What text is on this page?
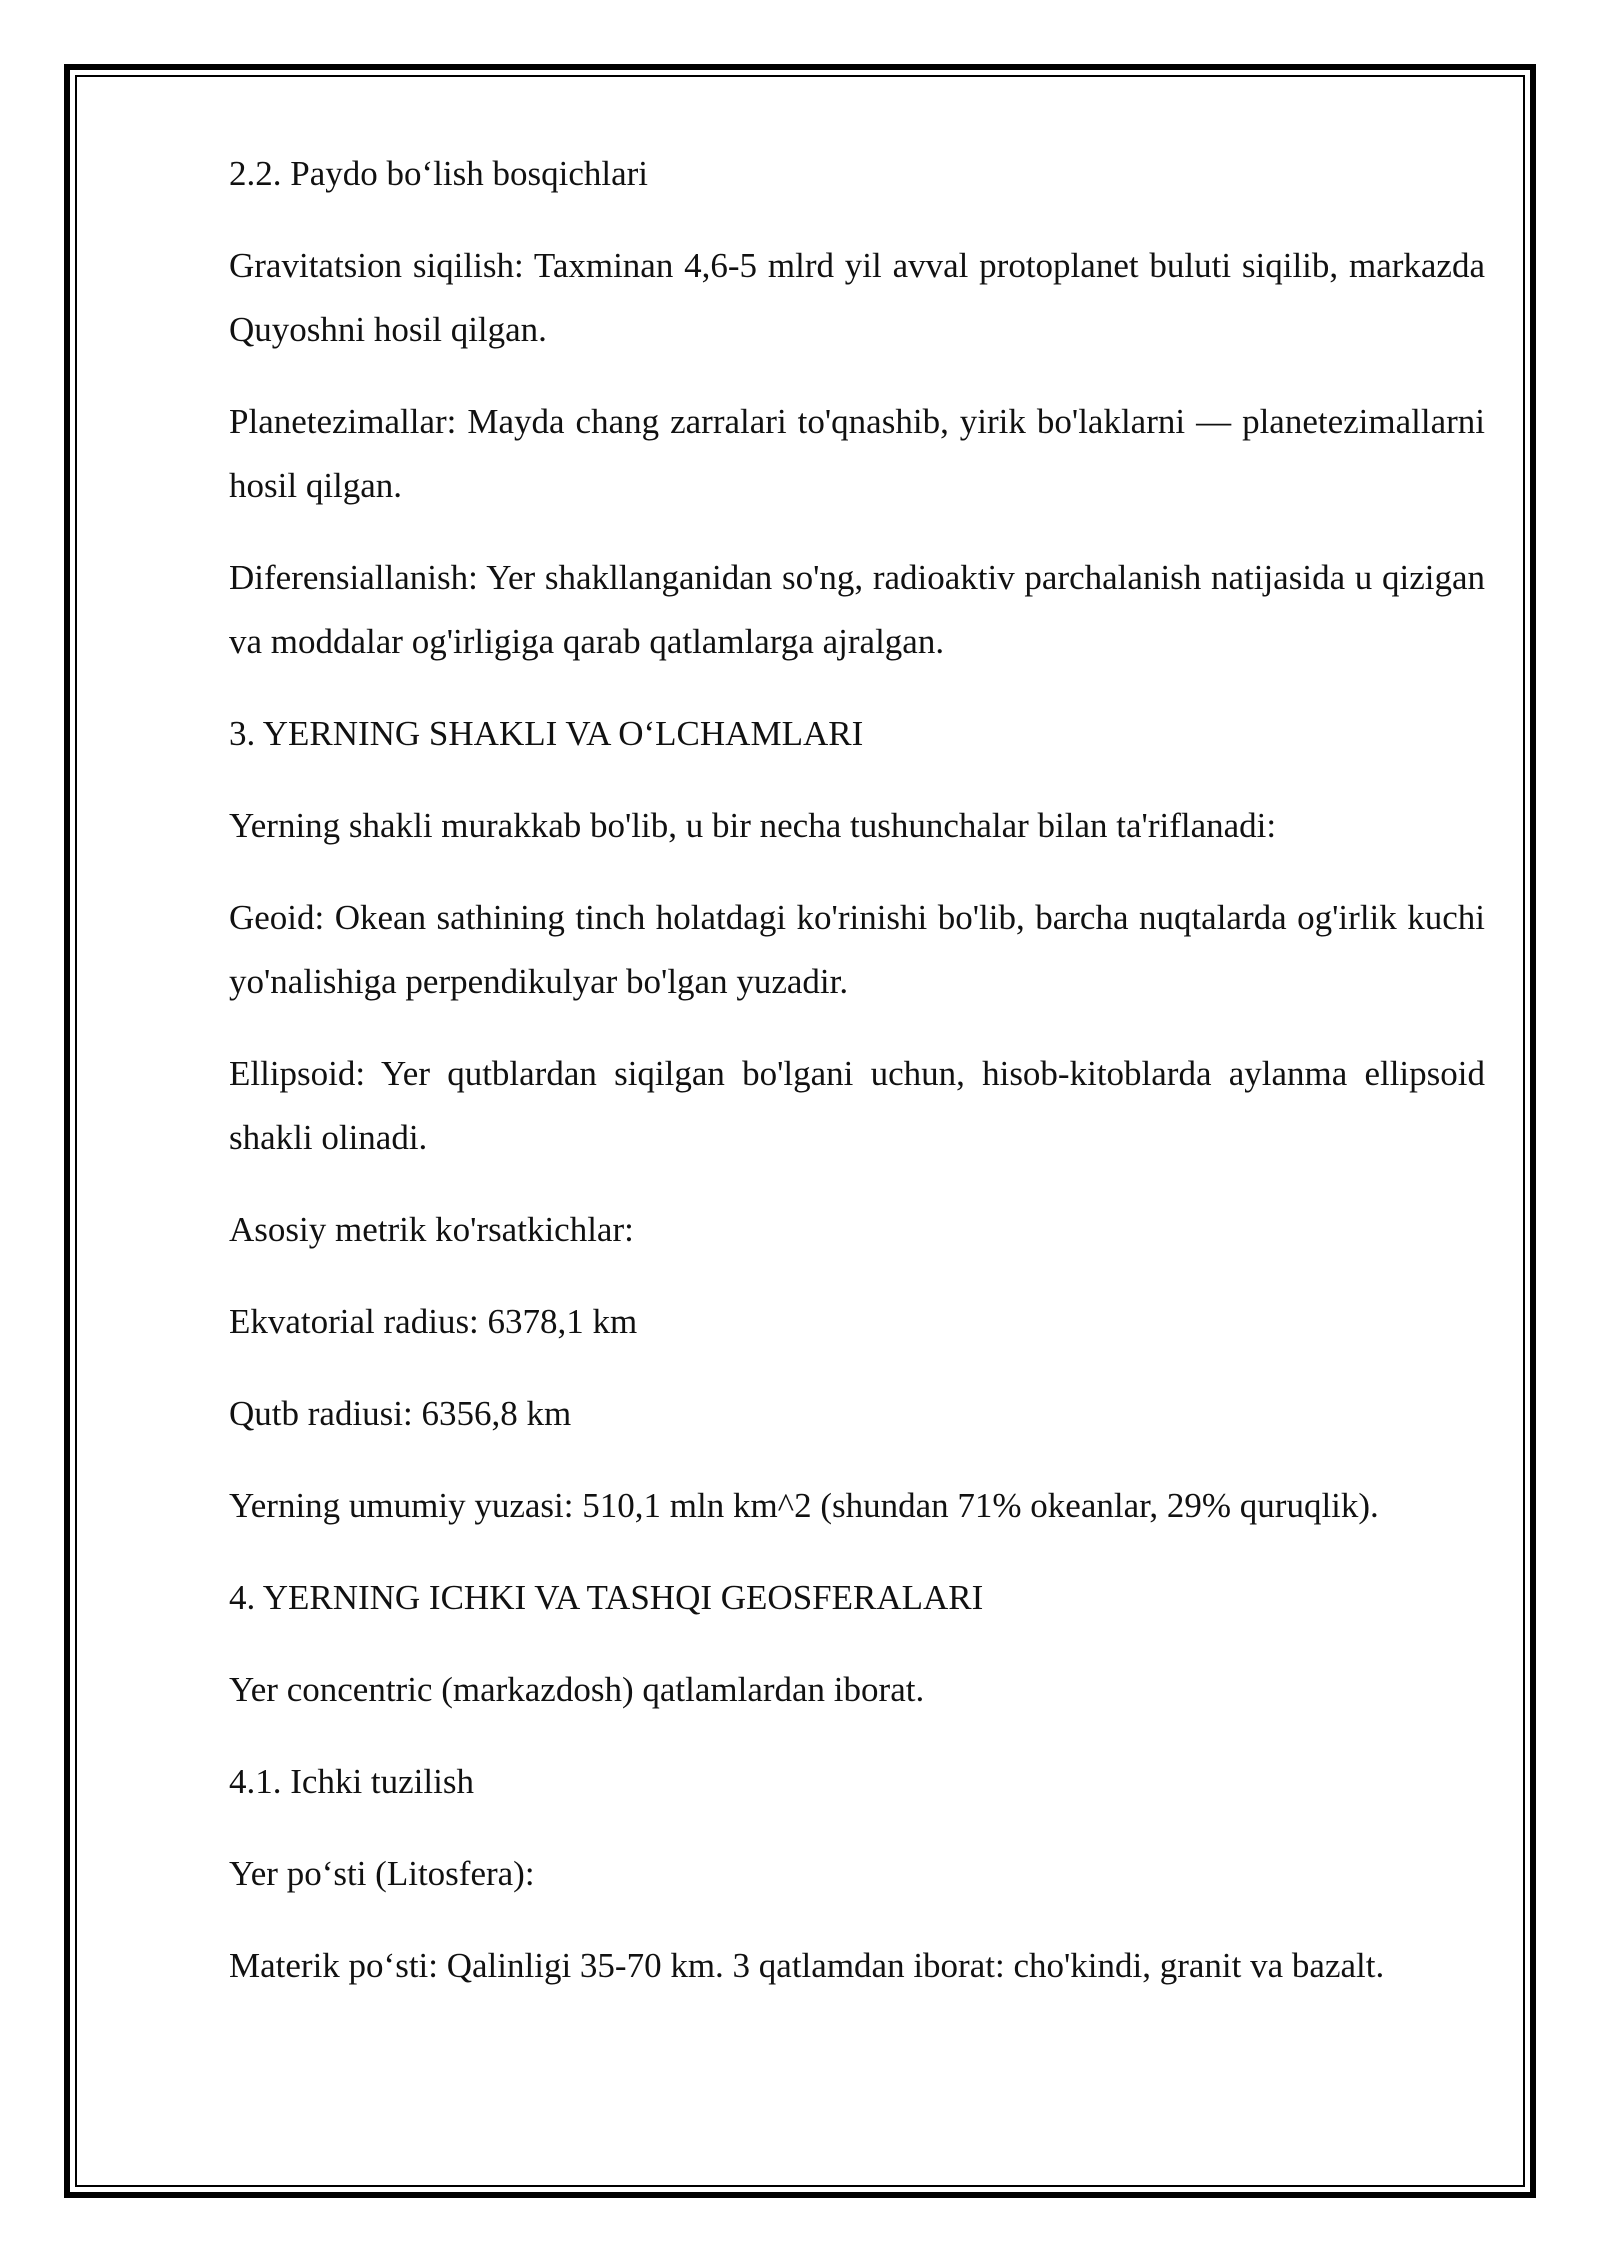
2.2. Paydo bo‘lish bosqichlari

Gravitatsion siqilish: Taxminan 4,6-5 mlrd yil avval protoplanet buluti siqilib, markazda Quyoshni hosil qilgan.

Planetezimallar: Mayda chang zarralari to'qnashib, yirik bo'laklarni — planetezimallarni hosil qilgan.

Diferensiallanish: Yer shakllanganidan so'ng, radioaktiv parchalanish natijasida u qizigan va moddalar og'irligiga qarab qatlamlarga ajralgan.

3. YERNING SHAKLI VA O‘LCHAMLARI

Yerning shakli murakkab bo'lib, u bir necha tushunchalar bilan ta'riflanadi:

Geoid: Okean sathining tinch holatdagi ko'rinishi bo'lib, barcha nuqtalarda og'irlik kuchi yo'nalishiga perpendikulyar bo'lgan yuzadir.

Ellipsoid: Yer qutblardan siqilgan bo'lgani uchun, hisob-kitoblarda aylanma ellipsoid shakli olinadi.

Asosiy metrik ko'rsatkichlar:

Ekvatorial radius: 6378,1 km

Qutb radiusi: 6356,8 km

Yerning umumiy yuzasi: 510,1 mln km^2 (shundan 71% okeanlar, 29% quruqlik).

4. YERNING ICHKI VA TASHQI GEOSFERALARI

Yer concentric (markazdosh) qatlamlardan iborat.

4.1. Ichki tuzilish

Yer po‘sti (Litosfera):

Materik po‘sti: Qalinligi 35-70 km. 3 qatlamdan iborat: cho'kindi, granit va bazalt.
